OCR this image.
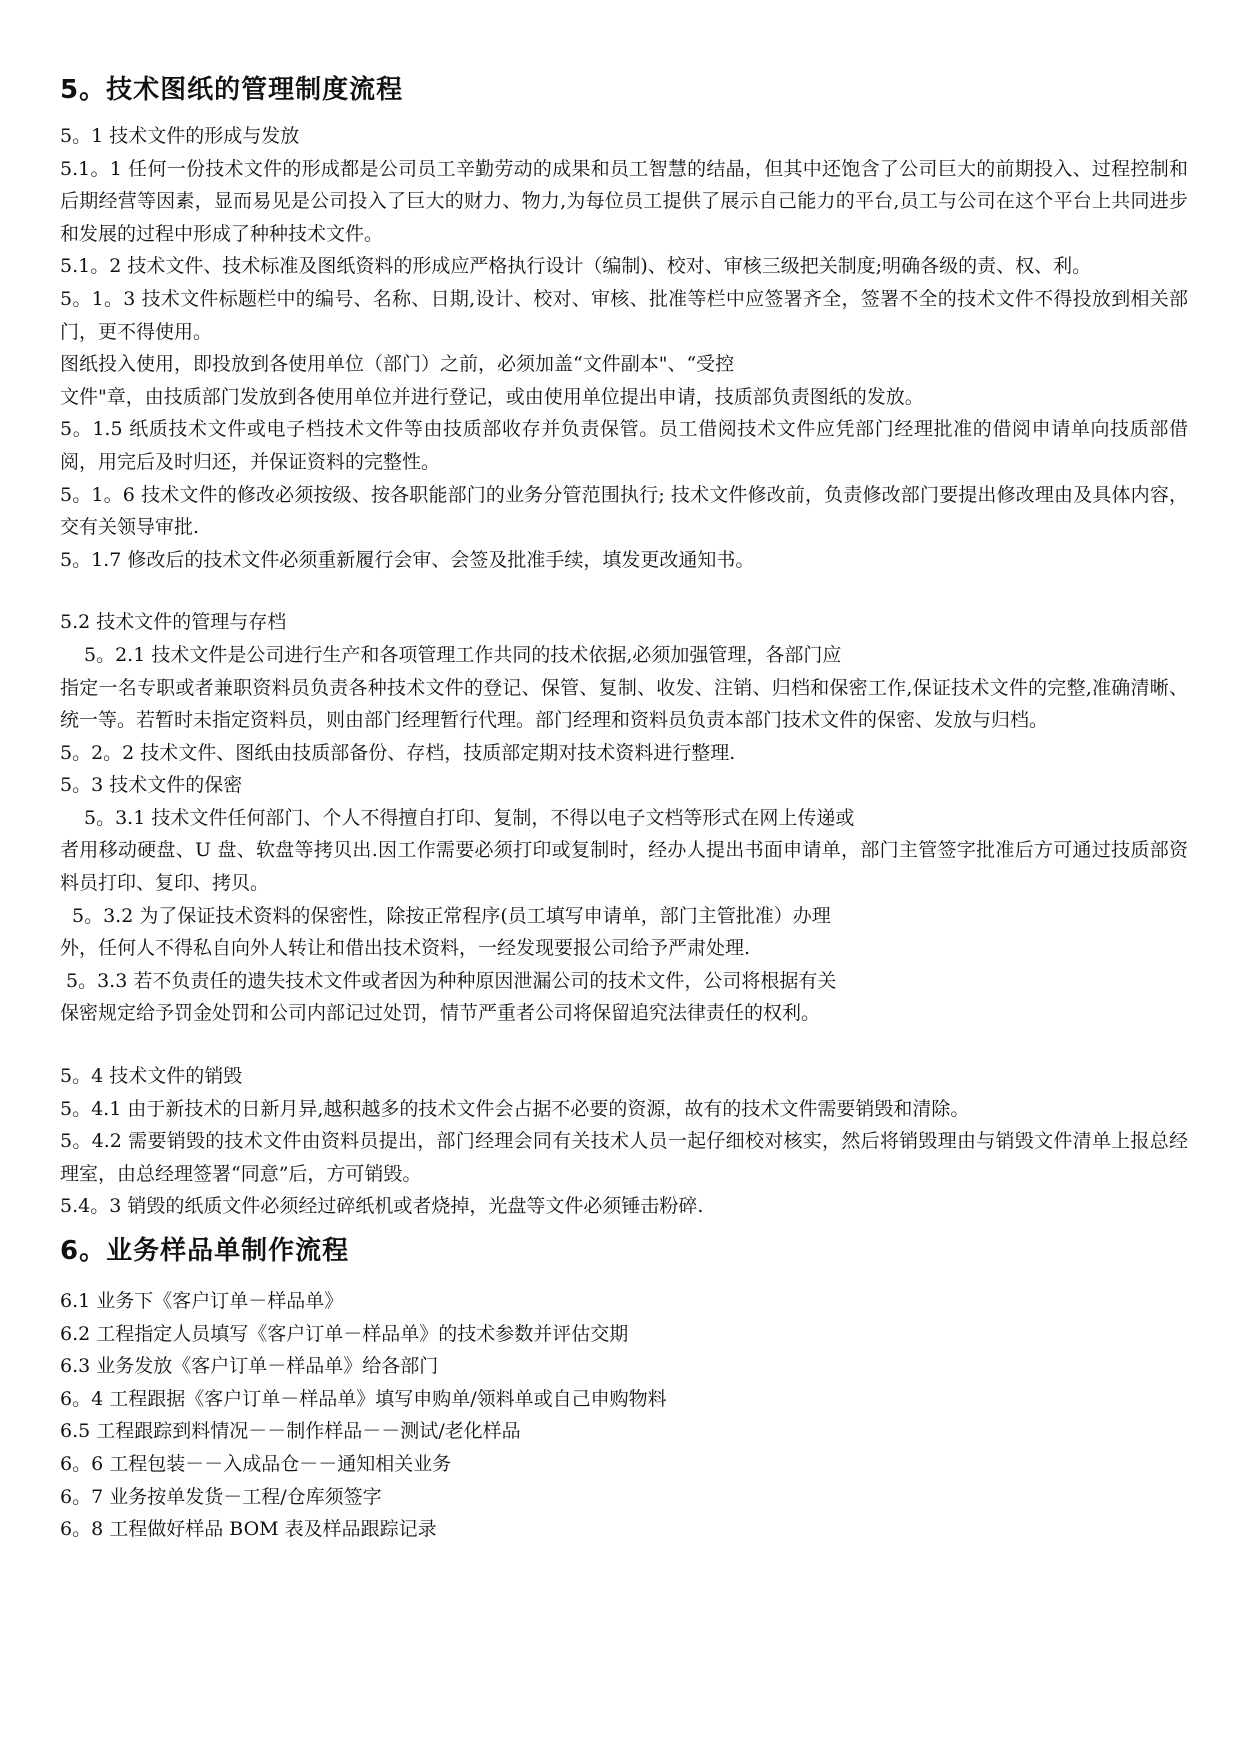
5。技术图纸的管理制度流程

5。1 技术文件的形成与发放

5.1。1 任何一份技术文件的形成都是公司员工辛勤劳动的成果和员工智慧的结晶，但其中还饱含了公司巨大的前期投入、过程控制和后期经营等因素，显而易见是公司投入了巨大的财力、物力,为每位员工提供了展示自己能力的平台,员工与公司在这个平台上共同进步和发展的过程中形成了种种技术文件。

5.1。2 技术文件、技术标准及图纸资料的形成应严格执行设计（编制)、校对、审核三级把关制度;明确各级的责、权、利。

5。1。3 技术文件标题栏中的编号、名称、日期,设计、校对、审核、批准等栏中应签署齐全，签署不全的技术文件不得投放到相关部门，更不得使用。

图纸投入使用，即投放到各使用单位（部门）之前，必须加盖“文件副本"、“受控

文件"章，由技质部门发放到各使用单位并进行登记，或由使用单位提出申请，技质部负责图纸的发放。

5。1.5 纸质技术文件或电子档技术文件等由技质部收存并负责保管。员工借阅技术文件应凭部门经理批准的借阅申请单向技质部借阅，用完后及时归还，并保证资料的完整性。

5。1。6 技术文件的修改必须按级、按各职能部门的业务分管范围执行; 技术文件修改前，负责修改部门要提出修改理由及具体内容，交有关领导审批.

5。1.7 修改后的技术文件必须重新履行会审、会签及批准手续，填发更改通知书。

5.2 技术文件的管理与存档

5。2.1 技术文件是公司进行生产和各项管理工作共同的技术依据,必须加强管理，各部门应

指定一名专职或者兼职资料员负责各种技术文件的登记、保管、复制、收发、注销、归档和保密工作,保证技术文件的完整,准确清晰、统一等。若暂时未指定资料员，则由部门经理暂行代理。部门经理和资料员负责本部门技术文件的保密、发放与归档。

5。2。2 技术文件、图纸由技质部备份、存档，技质部定期对技术资料进行整理.

5。3 技术文件的保密

5。3.1 技术文件任何部门、个人不得擅自打印、复制，不得以电子文档等形式在网上传递或

者用移动硬盘、U 盘、软盘等拷贝出.因工作需要必须打印或复制时，经办人提出书面申请单，部门主管签字批准后方可通过技质部资料员打印、复印、拷贝。

5。3.2 为了保证技术资料的保密性，除按正常程序(员工填写申请单，部门主管批准）办理

外，任何人不得私自向外人转让和借出技术资料，一经发现要报公司给予严肃处理.

5。3.3 若不负责任的遗失技术文件或者因为种种原因泄漏公司的技术文件，公司将根据有关

保密规定给予罚金处罚和公司内部记过处罚，情节严重者公司将保留追究法律责任的权利。

5。4 技术文件的销毁

5。4.1 由于新技术的日新月异,越积越多的技术文件会占据不必要的资源，故有的技术文件需要销毁和清除。

5。4.2 需要销毁的技术文件由资料员提出，部门经理会同有关技术人员一起仔细校对核实，然后将销毁理由与销毁文件清单上报总经理室，由总经理签署“同意”后，方可销毁。

5.4。3 销毁的纸质文件必须经过碎纸机或者烧掉，光盘等文件必须锤击粉碎.

6。业务样品单制作流程

6.1 业务下《客户订单－样品单》

6.2 工程指定人员填写《客户订单－样品单》的技术参数并评估交期

6.3 业务发放《客户订单－样品单》给各部门

6。4 工程跟据《客户订单－样品单》填写申购单/领料单或自己申购物料

6.5 工程跟踪到料情况－－制作样品－－测试/老化样品

6。6 工程包装－－入成品仓－－通知相关业务

6。7 业务按单发货－工程/仓库须签字

6。8 工程做好样品 BOM 表及样品跟踪记录
